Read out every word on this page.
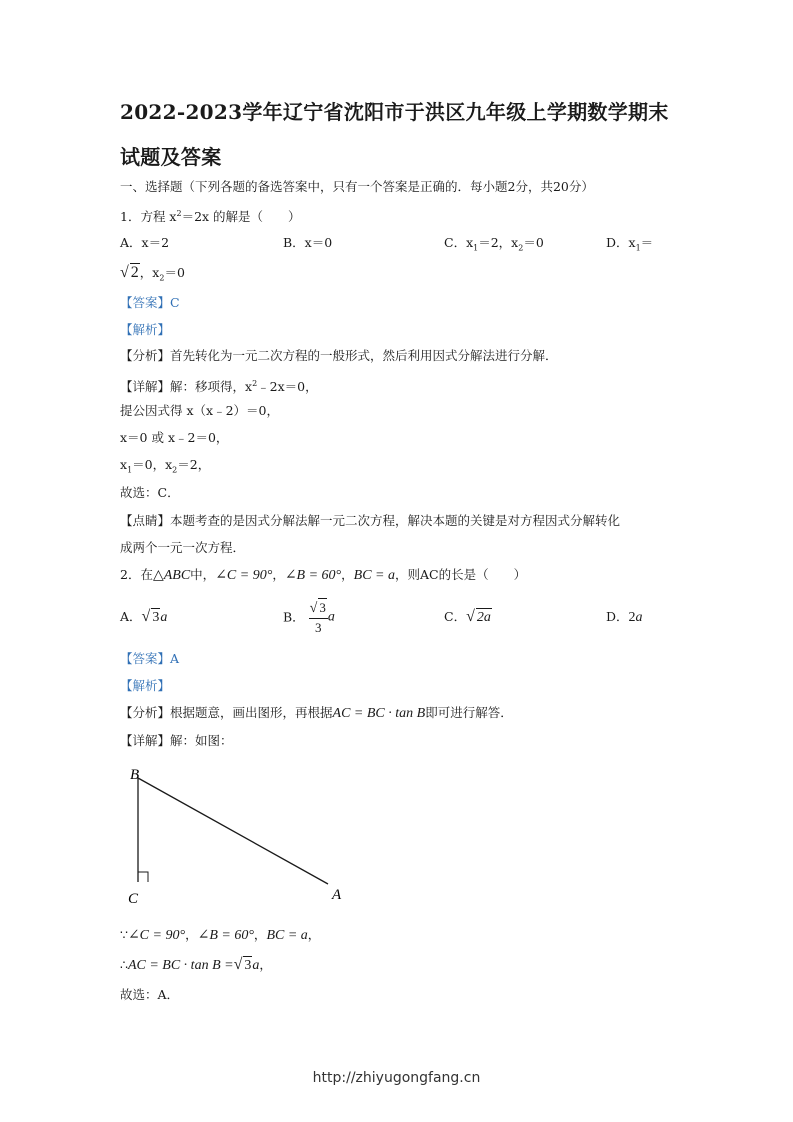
2022-2023学年辽宁省沈阳市于洪区九年级上学期数学期末
试题及答案
一、选择题（下列各题的备选答案中，只有一个答案是正确的．每小题2分，共20分）
1．方程 $x^2=2x$ 的解是（　　）
A．x＝2	B．x＝0	C．$x_1=2$，$x_2=0$	D．$x_1=$
√ 2，$x_2=0$
【答案】C
【解析】
【分析】首先转化为一元二次方程的一般形式，然后利用因式分解法进行分解．
【详解】解：移项得，$x^2﹣2x=0$，
提公因式得 x（x﹣2）＝0，
x＝0 或 x﹣2＝0，
$x_1=0$，$x_2=2$，
故选：C．
【点睛】本题考查的是因式分解法解一元二次方程，解决本题的关键是对方程因式分解转化
成两个一元一次方程．
2．在△ABC中，∠C = 90°，∠B = 60°，BC = a，则AC的长是（　　）
A．√ 3a	B． $\frac{√ 3}{3}$ a	C．√ 2a	D．2a
【答案】A
【解析】
【分析】根据题意，画出图形，再根据AC = BC · tan B即可进行解答．
【详解】解：如图：
B
C	A
∵∠C = 90°，∠B = 60°，BC = a，
∴AC = BC · tan B =√ 3a，
故选：A．
http://zhiyugongfang.cn
